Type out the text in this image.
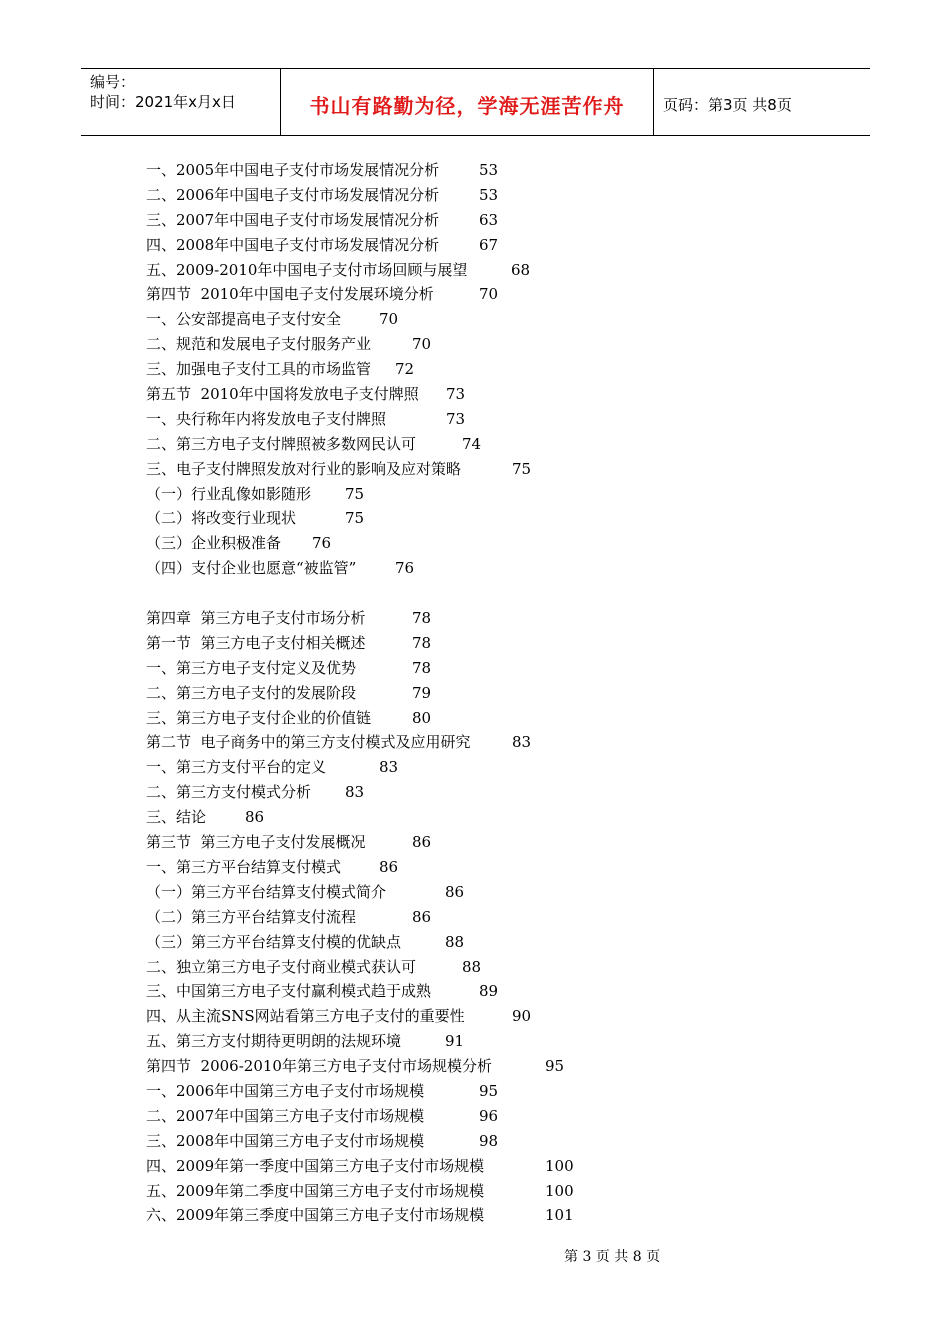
编号：
时间：2021年x月x日	书山有路勤为径，学海无涯苦作舟	页码：第3页 共8页
一、2005年中国电子支付市场发展情况分析	53
二、2006年中国电子支付市场发展情况分析	53
三、2007年中国电子支付市场发展情况分析	63
四、2008年中国电子支付市场发展情况分析	67
五、2009-2010年中国电子支付市场回顾与展望	68
第四节  2010年中国电子支付发展环境分析	70
一、公安部提高电子支付安全	70
二、规范和发展电子支付服务产业	70
三、加强电子支付工具的市场监管 72
第五节  2010年中国将发放电子支付牌照 73
一、央行称年内将发放电子支付牌照	73
二、第三方电子支付牌照被多数网民认可	74
三、电子支付牌照发放对行业的影响及应对策略	75
（一）行业乱像如影随形 75
（二）将改变行业现状	75
（三）企业积极准备 76
（四）支付企业也愿意“被监管”	76
第四章  第三方电子支付市场分析	78
第一节  第三方电子支付相关概述	78
一、第三方电子支付定义及优势	78
二、第三方电子支付的发展阶段	79
三、第三方电子支付企业的价值链	80
第二节  电子商务中的第三方支付模式及应用研究	83
一、第三方支付平台的定义	83
二、第三方支付模式分析 83
三、结论	86
第三节  第三方电子支付发展概况	86
一、第三方平台结算支付模式	86
（一）第三方平台结算支付模式简介	86
（二）第三方平台结算支付流程	86
（三）第三方平台结算支付模的优缺点	88
二、独立第三方电子支付商业模式获认可	88
三、中国第三方电子支付赢利模式趋于成熟	89
四、从主流SNS网站看第三方电子支付的重要性	90
五、第三方支付期待更明朗的法规环境	91
第四节  2006-2010年第三方电子支付市场规模分析	95
一、2006年中国第三方电子支付市场规模	95
二、2007年中国第三方电子支付市场规模	96
三、2008年中国第三方电子支付市场规模	98
四、2009年第一季度中国第三方电子支付市场规模	100
五、2009年第二季度中国第三方电子支付市场规模	100
六、2009年第三季度中国第三方电子支付市场规模	101
第 3 页 共 8 页
